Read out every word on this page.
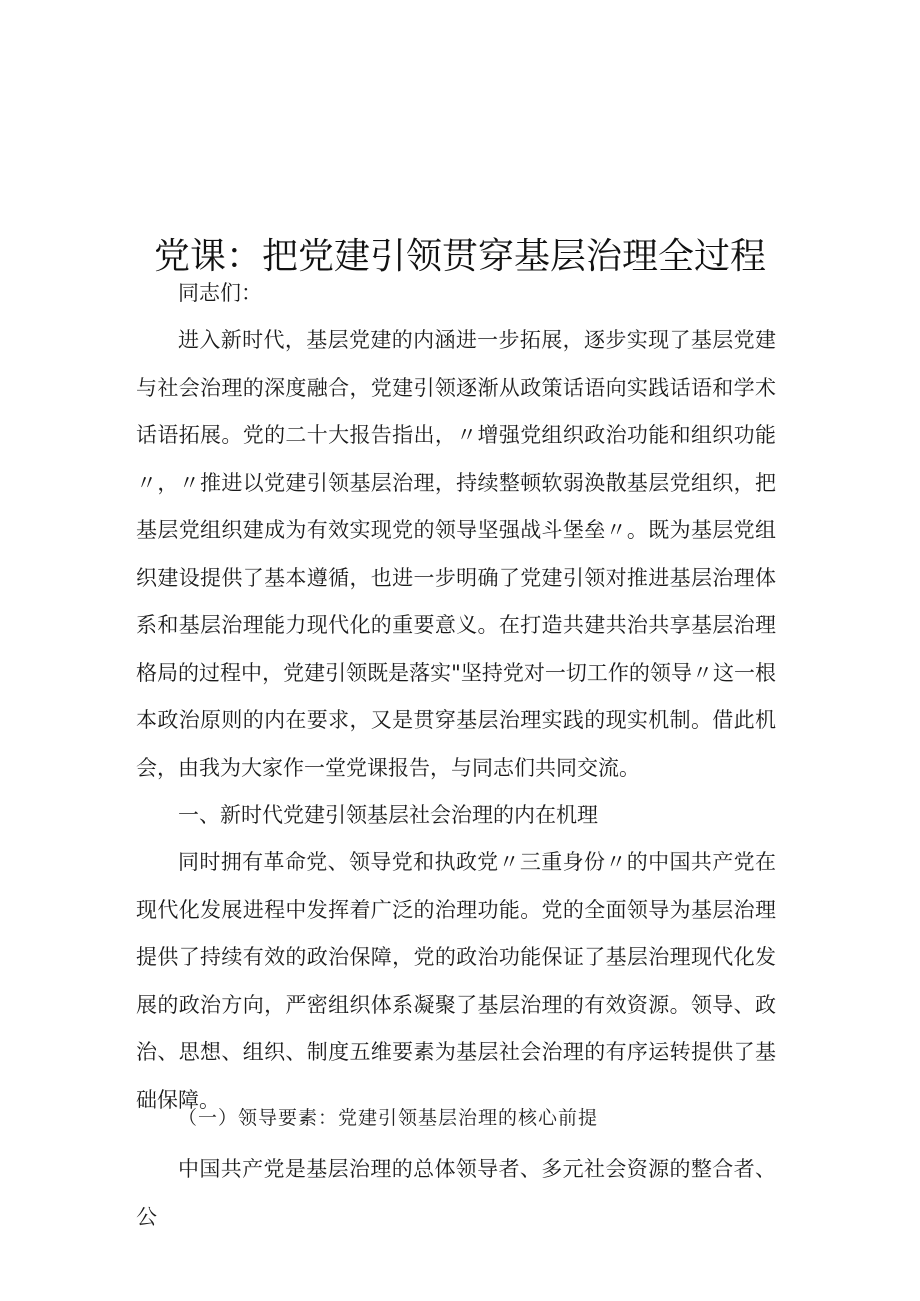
党课：把党建引领贯穿基层治理全过程

同志们：

进入新时代，基层党建的内涵进一步拓展，逐步实现了基层党建与社会治理的深度融合，党建引领逐渐从政策话语向实践话语和学术话语拓展。党的二十大报告指出，〃增强党组织政治功能和组织功能〃，〃推进以党建引领基层治理，持续整顿软弱涣散基层党组织，把基层党组织建成为有效实现党的领导坚强战斗堡垒〃。既为基层党组织建设提供了基本遵循，也进一步明确了党建引领对推进基层治理体系和基层治理能力现代化的重要意义。在打造共建共治共享基层治理格局的过程中，党建引领既是落实"坚持党对一切工作的领导〃这一根本政治原则的内在要求，又是贯穿基层治理实践的现实机制。借此机会，由我为大家作一堂党课报告，与同志们共同交流。

一、新时代党建引领基层社会治理的内在机理

同时拥有革命党、领导党和执政党〃三重身份〃的中国共产党在现代化发展进程中发挥着广泛的治理功能。党的全面领导为基层治理提供了持续有效的政治保障，党的政治功能保证了基层治理现代化发展的政治方向，严密组织体系凝聚了基层治理的有效资源。领导、政治、思想、组织、制度五维要素为基层社会治理的有序运转提供了基础保障。

（一）领导要素：党建引领基层治理的核心前提

中国共产党是基层治理的总体领导者、多元社会资源的整合者、公
